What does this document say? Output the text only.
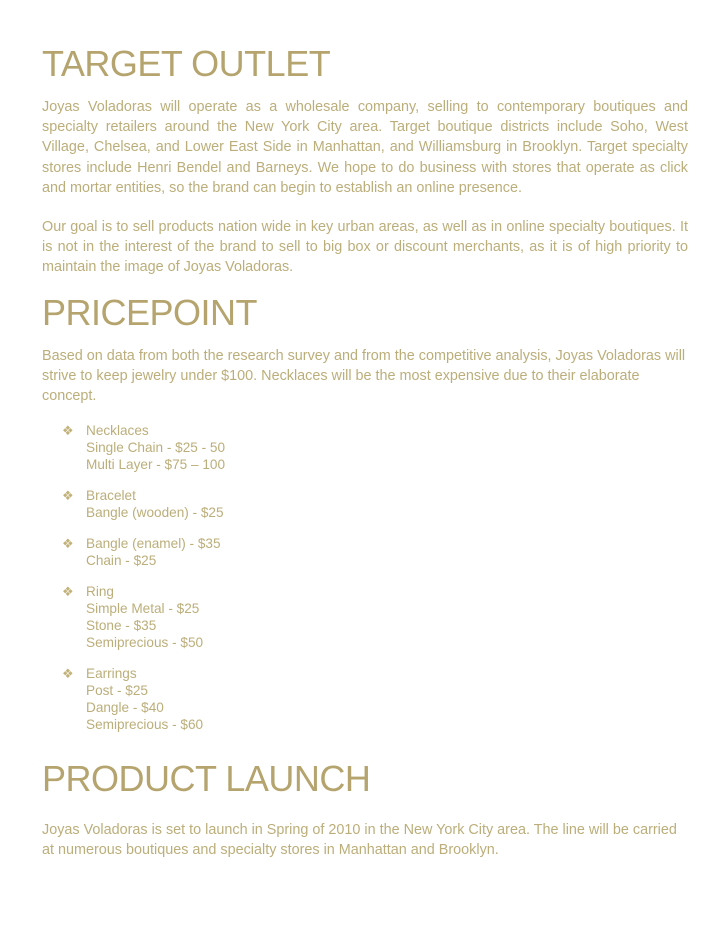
TARGET OUTLET

Joyas Voladoras will operate as a wholesale company, selling to contemporary boutiques and specialty retailers around the New York City area. Target boutique districts include Soho, West Village, Chelsea, and Lower East Side in Manhattan, and Williamsburg in Brooklyn. Target specialty stores include Henri Bendel and Barneys. We hope to do business with stores that operate as click and mortar entities, so the brand can begin to establish an online presence.

Our goal is to sell products nation wide in key urban areas, as well as in online specialty boutiques. It is not in the interest of the brand to sell to big box or discount merchants, as it is of high priority to maintain the image of Joyas Voladoras.

PRICEPOINT

Based on data from both the research survey and from the competitive analysis, Joyas Voladoras will strive to keep jewelry under $100. Necklaces will be the most expensive due to their elaborate concept.

❖ Necklaces
Single Chain - $25 - 50
Multi Layer - $75 – 100
❖ Bracelet
Bangle (wooden) - $25
❖ Bangle (enamel) - $35
Chain - $25
❖ Ring
Simple Metal - $25
Stone - $35
Semiprecious - $50
❖ Earrings
Post - $25
Dangle - $40
Semiprecious - $60
PRODUCT LAUNCH

Joyas Voladoras is set to launch in Spring of 2010 in the New York City area. The line will be carried at numerous boutiques and specialty stores in Manhattan and Brooklyn.
